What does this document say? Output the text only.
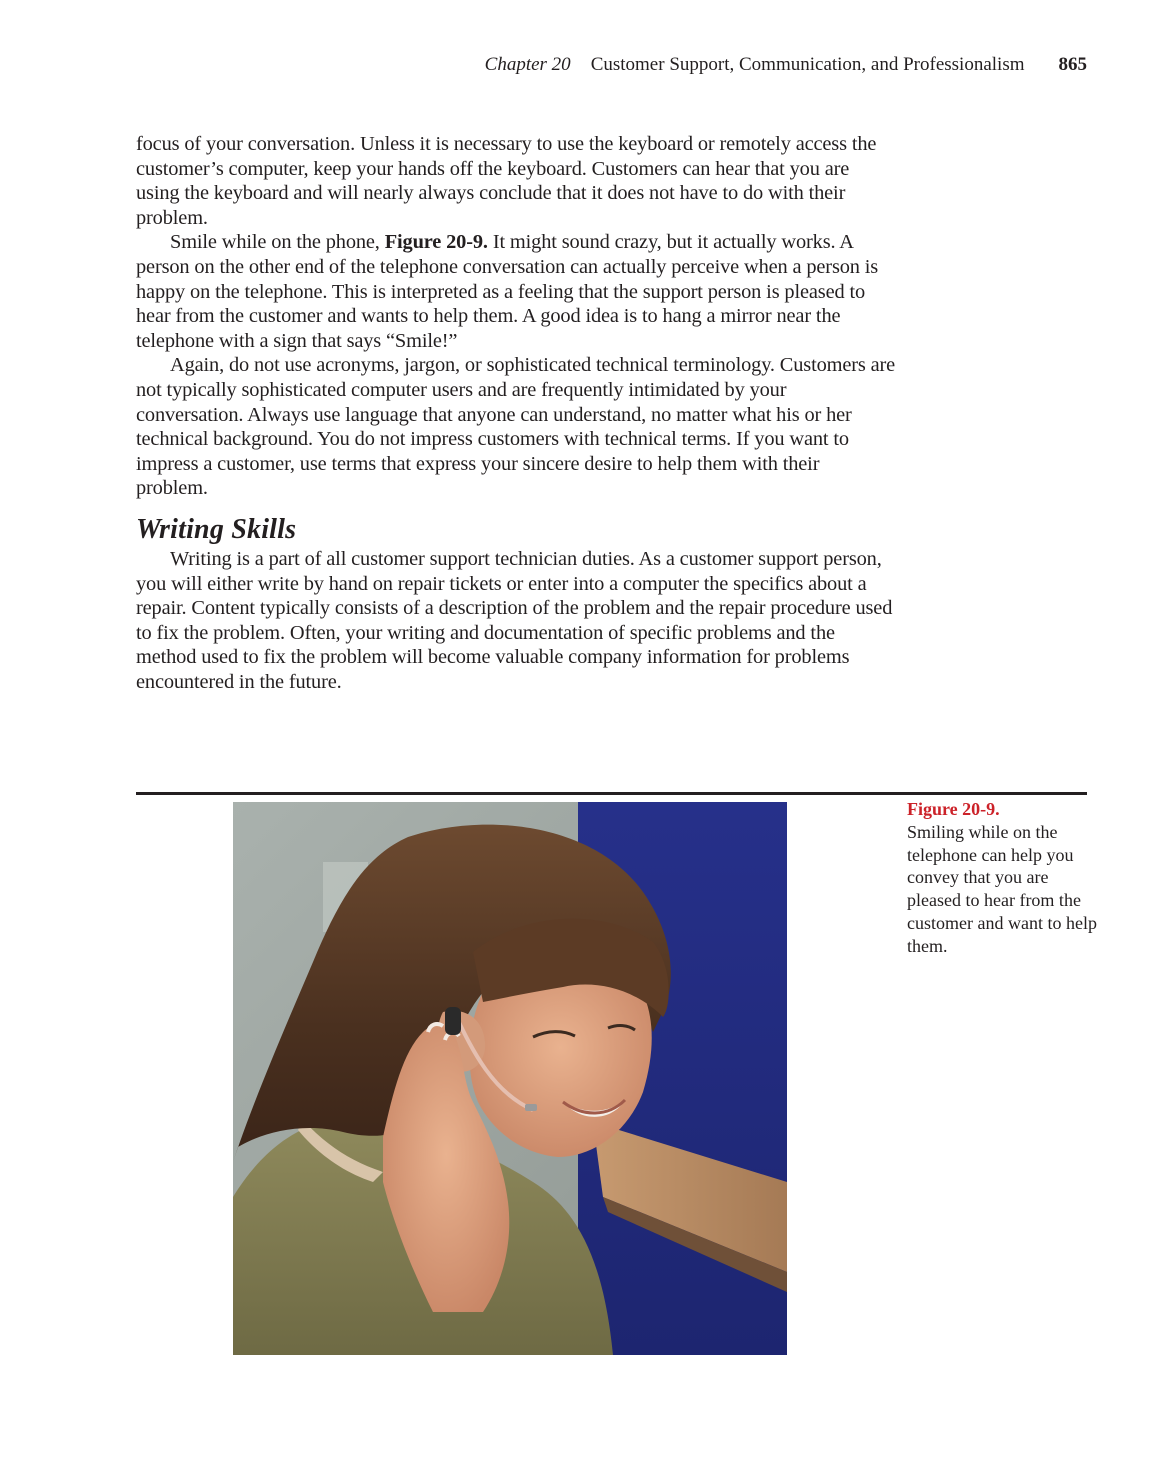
Chapter 20 Customer Support, Communication, and Professionalism 865

focus of your conversation. Unless it is necessary to use the keyboard or remotely access the customer’s computer, keep your hands off the keyboard. Customers can hear that you are using the keyboard and will nearly always conclude that it does not have to do with their problem.

Smile while on the phone, Figure 20-9. It might sound crazy, but it actually works. A person on the other end of the telephone conversation can actually perceive when a person is happy on the telephone. This is interpreted as a feeling that the support person is pleased to hear from the customer and wants to help them. A good idea is to hang a mirror near the telephone with a sign that says “Smile!”

Again, do not use acronyms, jargon, or sophisticated technical terminology. Customers are not typically sophisticated computer users and are frequently intimidated by your conversation. Always use language that anyone can understand, no matter what his or her technical background. You do not impress customers with technical terms. If you want to impress a customer, use terms that express your sincere desire to help them with their problem.

Writing Skills

Writing is a part of all customer support technician duties. As a customer support person, you will either write by hand on repair tickets or enter into a computer the specifics about a repair. Content typically consists of a description of the problem and the repair procedure used to fix the problem. Often, your writing and documentation of specific problems and the method used to fix the problem will become valuable company information for problems encountered in the future.

Figure 20-9.
Smiling while on the telephone can help you convey that you are pleased to hear from the customer and want to help them.
